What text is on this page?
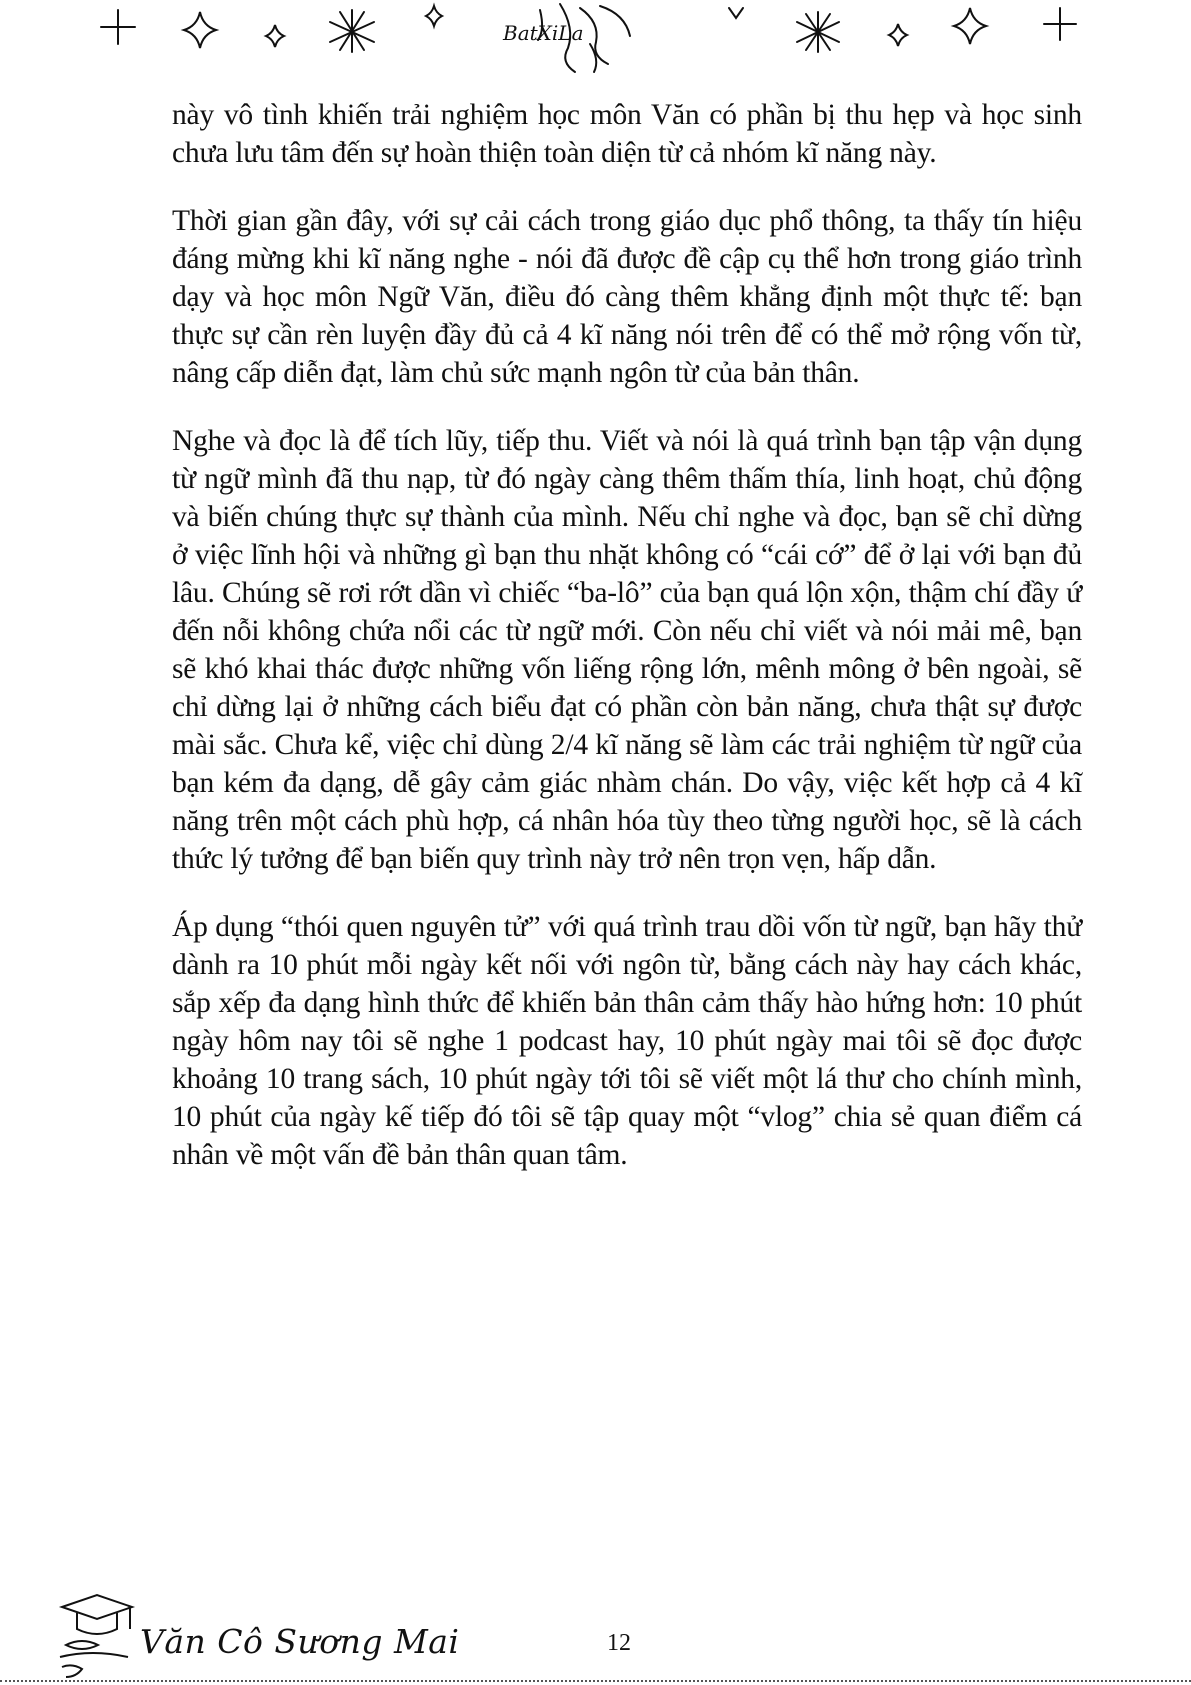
BatXiLa

này vô tình khiến trải nghiệm học môn Văn có phần bị thu hẹp và học sinh chưa lưu tâm đến sự hoàn thiện toàn diện từ cả nhóm kĩ năng này.

Thời gian gần đây, với sự cải cách trong giáo dục phổ thông, ta thấy tín hiệu đáng mừng khi kĩ năng nghe - nói đã được đề cập cụ thể hơn trong giáo trình dạy và học môn Ngữ Văn, điều đó càng thêm khẳng định một thực tế: bạn thực sự cần rèn luyện đầy đủ cả 4 kĩ năng nói trên để có thể mở rộng vốn từ, nâng cấp diễn đạt, làm chủ sức mạnh ngôn từ của bản thân.

Nghe và đọc là để tích lũy, tiếp thu. Viết và nói là quá trình bạn tập vận dụng từ ngữ mình đã thu nạp, từ đó ngày càng thêm thấm thía, linh hoạt, chủ động và biến chúng thực sự thành của mình. Nếu chỉ nghe và đọc, bạn sẽ chỉ dừng ở việc lĩnh hội và những gì bạn thu nhặt không có “cái cớ” để ở lại với bạn đủ lâu. Chúng sẽ rơi rớt dần vì chiếc “ba-lô” của bạn quá lộn xộn, thậm chí đầy ứ đến nỗi không chứa nổi các từ ngữ mới. Còn nếu chỉ viết và nói mải mê, bạn sẽ khó khai thác được những vốn liếng rộng lớn, mênh mông ở bên ngoài, sẽ chỉ dừng lại ở những cách biểu đạt có phần còn bản năng, chưa thật sự được mài sắc. Chưa kể, việc chỉ dùng 2/4 kĩ năng sẽ làm các trải nghiệm từ ngữ của bạn kém đa dạng, dễ gây cảm giác nhàm chán. Do vậy, việc kết hợp cả 4 kĩ năng trên một cách phù hợp, cá nhân hóa tùy theo từng người học, sẽ là cách thức lý tưởng để bạn biến quy trình này trở nên trọn vẹn, hấp dẫn.

Áp dụng “thói quen nguyên tử” với quá trình trau dồi vốn từ ngữ, bạn hãy thử dành ra 10 phút mỗi ngày kết nối với ngôn từ, bằng cách này hay cách khác, sắp xếp đa dạng hình thức để khiến bản thân cảm thấy hào hứng hơn: 10 phút ngày hôm nay tôi sẽ nghe 1 podcast hay, 10 phút ngày mai tôi sẽ đọc được khoảng 10 trang sách, 10 phút ngày tới tôi sẽ viết một lá thư cho chính mình, 10 phút của ngày kế tiếp đó tôi sẽ tập quay một “vlog” chia sẻ quan điểm cá nhân về một vấn đề bản thân quan tâm.

Văn Cô Sương Mai	12
